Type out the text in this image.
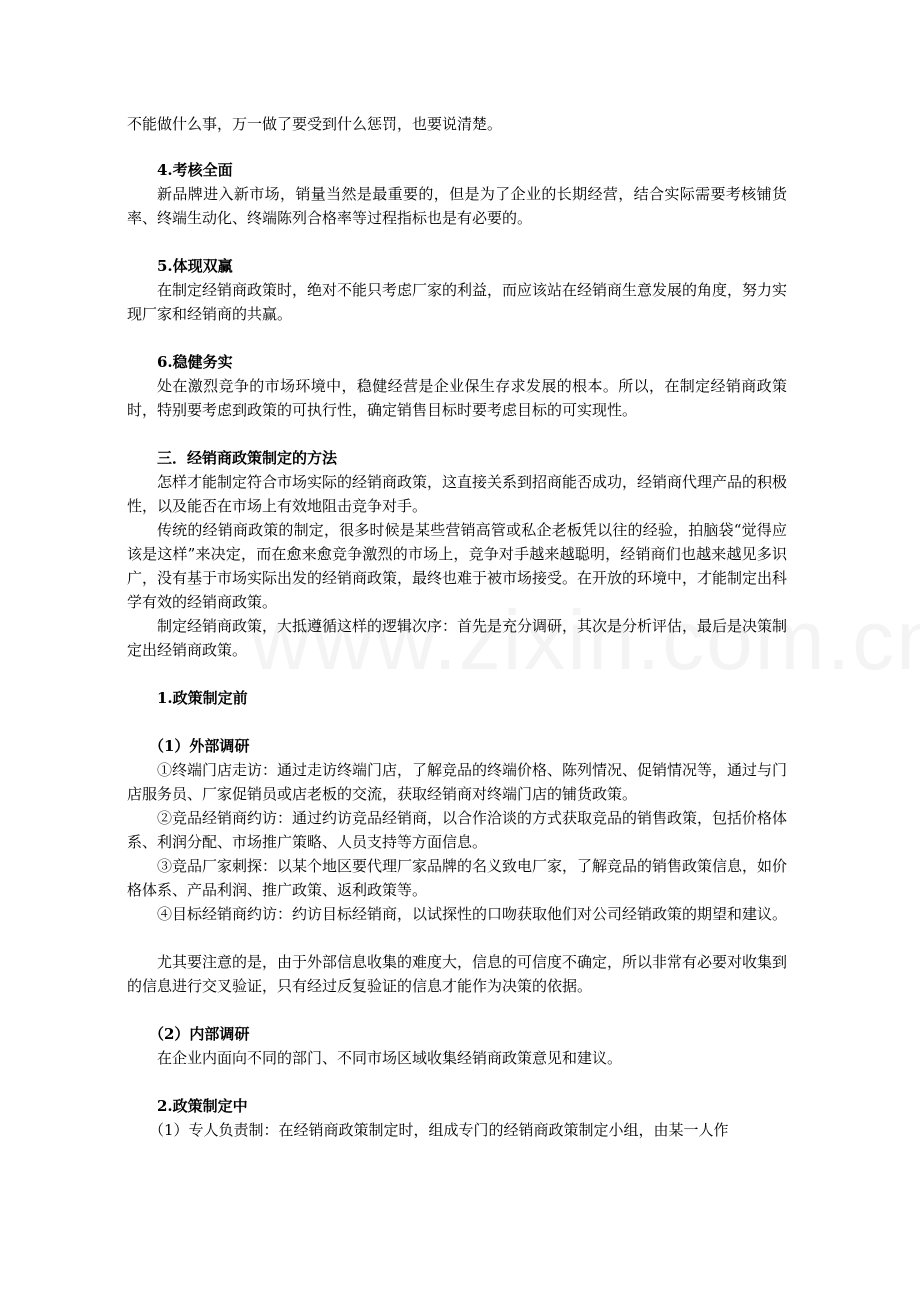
不能做什么事，万一做了要受到什么惩罚，也要说清楚。

4.考核全面

新品牌进入新市场，销量当然是最重要的，但是为了企业的长期经营，结合实际需要考核铺货率、终端生动化、终端陈列合格率等过程指标也是有必要的。

5.体现双赢

在制定经销商政策时，绝对不能只考虑厂家的利益，而应该站在经销商生意发展的角度，努力实现厂家和经销商的共赢。

6.稳健务实

处在激烈竞争的市场环境中，稳健经营是企业保生存求发展的根本。所以，在制定经销商政策时，特别要考虑到政策的可执行性，确定销售目标时要考虑目标的可实现性。

三．经销商政策制定的方法

怎样才能制定符合市场实际的经销商政策，这直接关系到招商能否成功，经销商代理产品的积极性，以及能否在市场上有效地阻击竞争对手。

传统的经销商政策的制定，很多时候是某些营销高管或私企老板凭以往的经验，拍脑袋“觉得应该是这样”来决定，而在愈来愈竞争激烈的市场上，竞争对手越来越聪明，经销商们也越来越见多识广，没有基于市场实际出发的经销商政策，最终也难于被市场接受。在开放的环境中，才能制定出科学有效的经销商政策。

制定经销商政策，大抵遵循这样的逻辑次序：首先是充分调研，其次是分析评估，最后是决策制定出经销商政策。

1.政策制定前

（1）外部调研

①终端门店走访：通过走访终端门店，了解竞品的终端价格、陈列情况、促销情况等，通过与门店服务员、厂家促销员或店老板的交流，获取经销商对终端门店的铺货政策。

②竞品经销商约访：通过约访竞品经销商，以合作洽谈的方式获取竞品的销售政策，包括价格体系、利润分配、市场推广策略、人员支持等方面信息。

③竞品厂家刺探：以某个地区要代理厂家品牌的名义致电厂家，了解竞品的销售政策信息，如价格体系、产品利润、推广政策、返利政策等。

④目标经销商约访：约访目标经销商，以试探性的口吻获取他们对公司经销政策的期望和建议。

尤其要注意的是，由于外部信息收集的难度大，信息的可信度不确定，所以非常有必要对收集到的信息进行交叉验证，只有经过反复验证的信息才能作为决策的依据。

（2）内部调研

在企业内面向不同的部门、不同市场区域收集经销商政策意见和建议。

2.政策制定中

（1）专人负责制：在经销商政策制定时，组成专门的经销商政策制定小组，由某一人作
